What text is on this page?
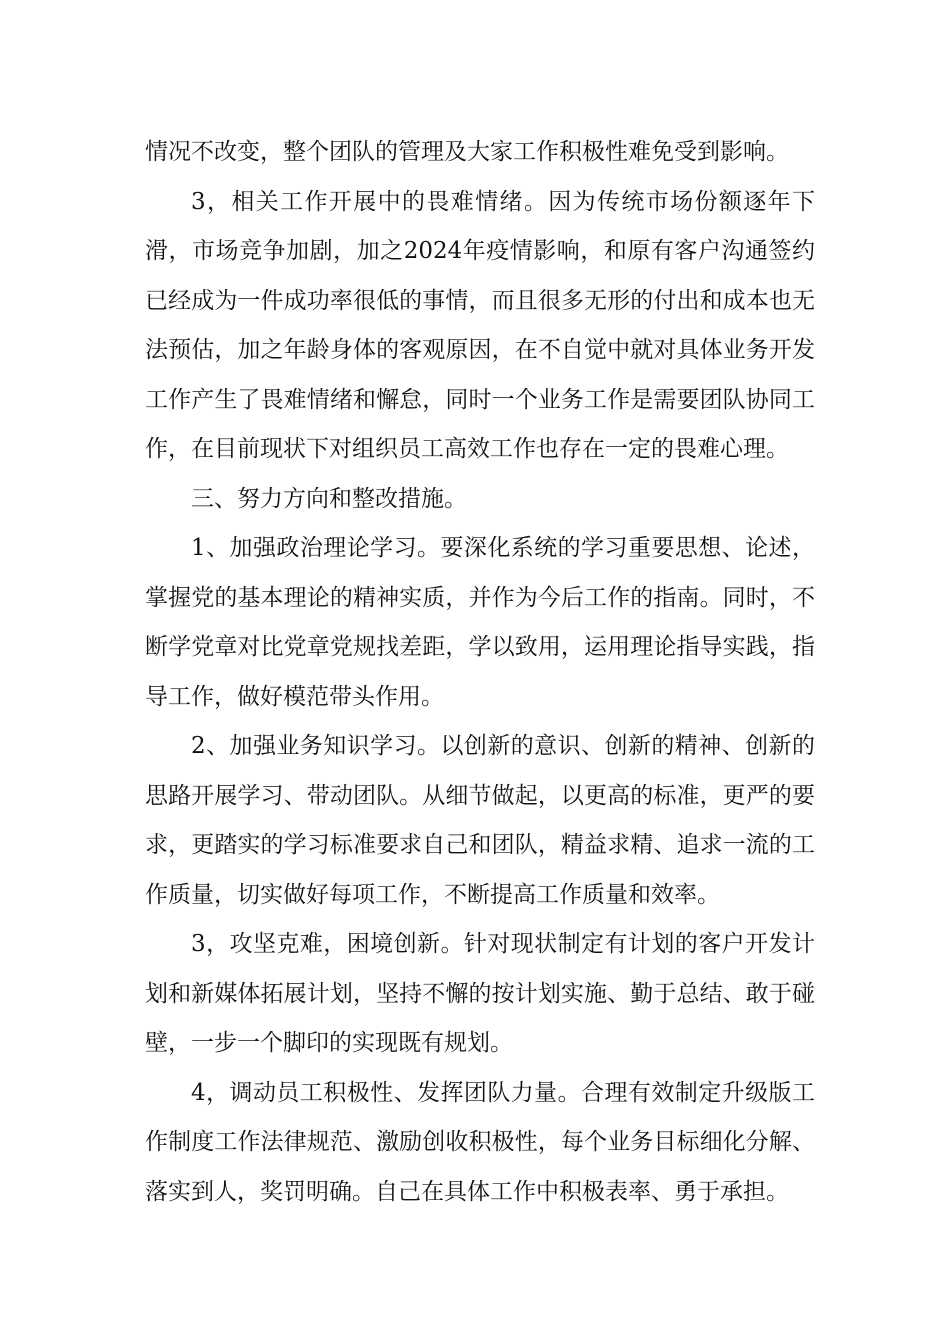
情况不改变，整个团队的管理及大家工作积极性难免受到影响。

3，相关工作开展中的畏难情绪。因为传统市场份额逐年下滑，市场竞争加剧，加之2024年疫情影响，和原有客户沟通签约已经成为一件成功率很低的事情，而且很多无形的付出和成本也无法预估，加之年龄身体的客观原因，在不自觉中就对具体业务开发工作产生了畏难情绪和懈怠，同时一个业务工作是需要团队协同工作，在目前现状下对组织员工高效工作也存在一定的畏难心理。

三、努力方向和整改措施。

1、加强政治理论学习。要深化系统的学习重要思想、论述，掌握党的基本理论的精神实质，并作为今后工作的指南。同时，不断学党章对比党章党规找差距，学以致用，运用理论指导实践，指导工作，做好模范带头作用。

2、加强业务知识学习。以创新的意识、创新的精神、创新的思路开展学习、带动团队。从细节做起，以更高的标准，更严的要求，更踏实的学习标准要求自己和团队，精益求精、追求一流的工作质量，切实做好每项工作，不断提高工作质量和效率。

3，攻坚克难，困境创新。针对现状制定有计划的客户开发计划和新媒体拓展计划，坚持不懈的按计划实施、勤于总结、敢于碰壁，一步一个脚印的实现既有规划。

4，调动员工积极性、发挥团队力量。合理有效制定升级版工作制度工作法律规范、激励创收积极性，每个业务目标细化分解、落实到人，奖罚明确。自己在具体工作中积极表率、勇于承担。
